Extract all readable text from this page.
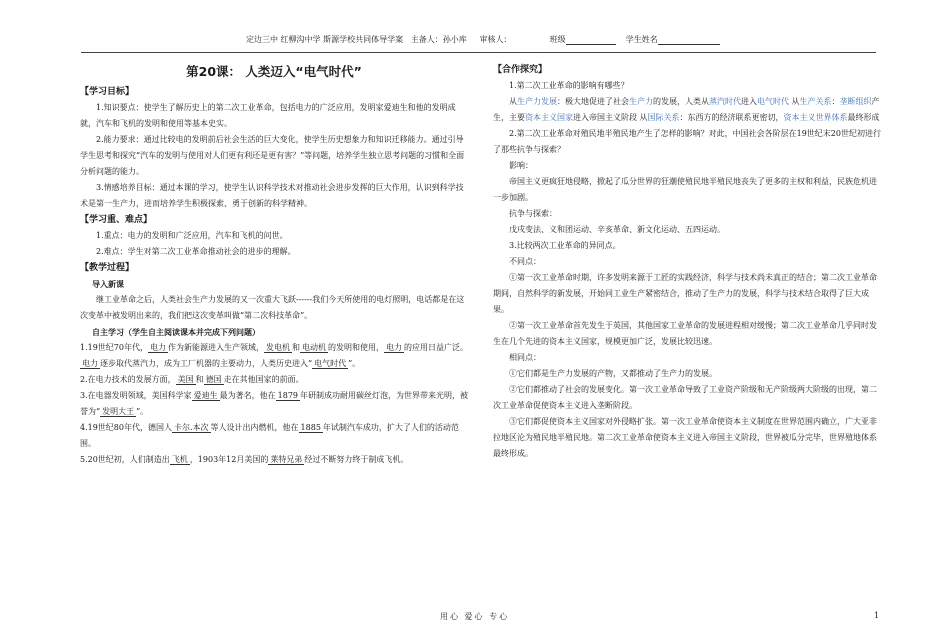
定边三中 红柳沟中学 斯源学校共同体导学案 主备人：孙小库 审核人：	班级	学生姓名
第20课： 人类迈入“电气时代”
【学习目标】

1.知识要点：使学生了解历史上的第二次工业革命，包括电力的广泛应用，发明家爱迪生和他的发明成就，汽车和飞机的发明和使用等基本史实。

2.能力要求：通过比较电的发明前后社会生活的巨大变化，使学生历史想象力和知识迁移能力。通过引导学生思考和探究“汽车的发明与使用对人们更有利还是更有害？”等问题，培养学生独立思考问题的习惯和全面分析问题的能力。

3.情感培养目标：通过本课的学习，使学生认识科学技术对推动社会进步发挥的巨大作用，认识到科学技术是第一生产力，进而培养学生积极探索、勇于创新的科学精神。

【学习重、难点】

1.重点：电力的发明和广泛应用，汽车和飞机的问世。

2.难点：学生对第二次工业革命推动社会的进步的理解。

【教学过程】

导入新课

继工业革命之后，人类社会生产力发展的又一次重大飞跃------我们今天所使用的电灯照明，电话都是在这次变革中被发明出来的，我们把这次变革叫做“第二次科技革命”。

自主学习（学生自主阅读课本并完成下列问题）

1.19世纪70年代， 电力 作为新能源进入生产领域， 发电机 和 电动机 的发明和使用， 电力 的应用日益广泛。电力 逐步取代蒸汽力，成为工厂机器的主要动力，人类历史进入“ 电气时代 ”。

2.在电力技术的发展方面， 美国 和 德国 走在其他国家的前面。

3.在电器发明领域，美国科学家 爱迪生 最为著名，他在 1879 年研制成功耐用碳丝灯泡，为世界带来光明，被誉为“ 发明大王 ”。

4.19世纪80年代，德国人 卡尔.本次 等人设计出内燃机，他在 1885 年试制汽车成功，扩大了人们的活动范围。

5.20世纪初，人们制造出 飞机 ，1903年12月美国的 莱特兄弟 经过不断努力终于制成飞机。

【合作探究】

1.第二次工业革命的影响有哪些？

从生产力发展：极大地促进了社会生产力的发展，人类从蒸汽时代进入电气时代 从生产关系：垄断组织产生，主要资本主义国家进入帝国主义阶段 从国际关系：东西方的经济联系更密切，资本主义世界体系最终形成

2.第二次工业革命对殖民地半殖民地产生了怎样的影响？对此，中国社会各阶层在19世纪末20世纪初进行了那些抗争与探索？

影响：

帝国主义更疯狂地侵略，掀起了瓜分世界的狂潮使殖民地半殖民地丧失了更多的主权和利益，民族危机进一步加剧。

抗争与探索：

戊戌变法、义和团运动、辛亥革命、新文化运动、五四运动。

3.比较两次工业革命的异同点。

不同点：

①第一次工业革命时期，许多发明来源于工匠的实践经济，科学与技术尚未真正的结合；第二次工业革命期间，自然科学的新发展，开始同工业生产紧密结合，推动了生产力的发展，科学与技术结合取得了巨大成果。

②第一次工业革命首先发生于英国，其他国家工业革命的发展进程相对缓慢；第二次工业革命几乎同时发生在几个先进的资本主义国家，规模更加广泛，发展比较迅速。

相同点：

①它们都是生产力发展的产物，又都推动了生产力的发展。

②它们都推动了社会的发展变化。第一次工业革命导致了工业资产阶级和无产阶级两大阶级的出现，第二次工业革命促使资本主义进入垄断阶段。

③它们都促使资本主义国家对外侵略扩张。第一次工业革命使资本主义制度在世界范围内确立，广大亚非拉地区沦为殖民地半殖民地。第二次工业革命使资本主义进入帝国主义阶段，世界被瓜分完毕，世界殖地体系最终形成。

用心 爱心 专心	1
